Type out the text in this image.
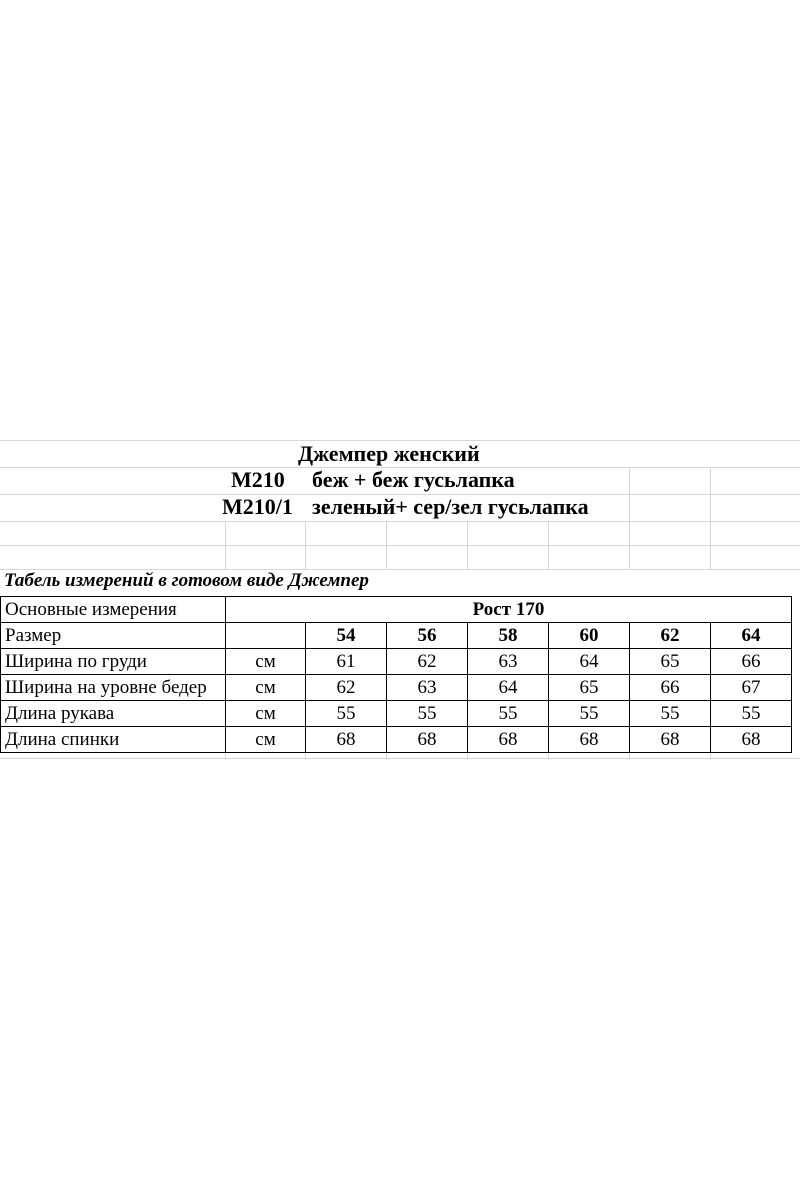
Джемпер женский
М210 беж + беж гусьлапка
М210/1 зеленый+ сер/зел гусьлапка
Табель измерений в готовом виде Джемпер
Основные измерения	Рост 170						
Размер		54	56	58	60	62	64
Ширина по груди	см	61	62	63	64	65	66
Ширина на уровне бедер	см	62	63	64	65	66	67
Длина рукава	см	55	55	55	55	55	55
Длина спинки	см	68	68	68	68	68	68
